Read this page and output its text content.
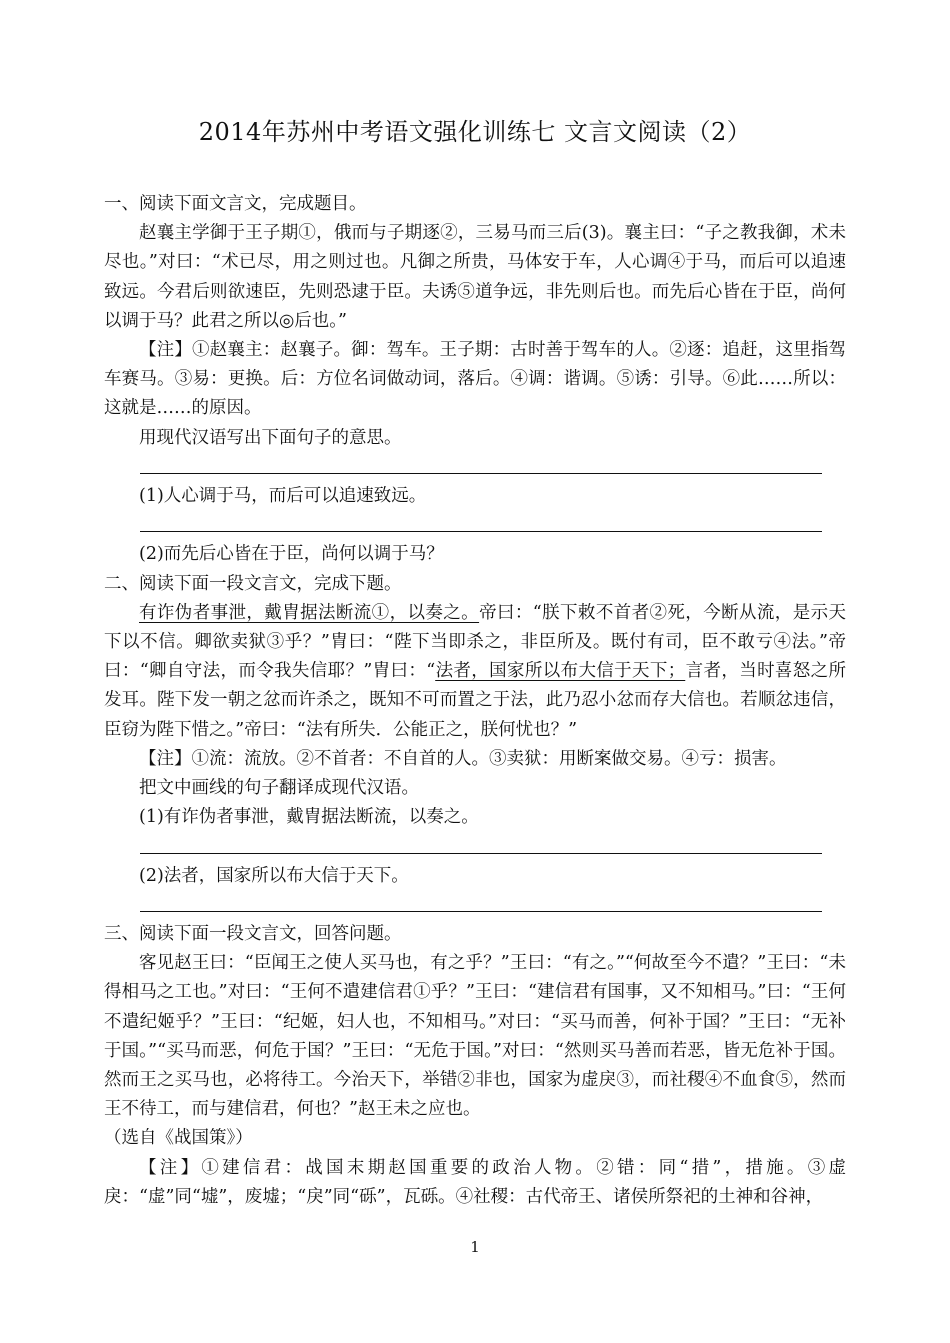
2014年苏州中考语文强化训练七 文言文阅读（2）

一、阅读下面文言文，完成题目。

赵襄主学御于王子期①，俄而与子期逐②，三易马而三后(3)。襄主曰：“子之教我御，术未尽也。”对曰：“术已尽，用之则过也。凡御之所贵，马体安于车，人心调④于马，而后可以追速致远。今君后则欲速臣，先则恐逮于臣。夫诱⑤道争远，非先则后也。而先后心皆在于臣，尚何以调于马？此君之所以◎后也。”

【注】①赵襄主：赵襄子。御：驾车。王子期：古时善于驾车的人。②逐：追赶，这里指驾车赛马。③易：更换。后：方位名词做动词，落后。④调：谐调。⑤诱：引导。⑥此……所以：这就是……的原因。

用现代汉语写出下面句子的意思。

(1)人心调于马，而后可以追速致远。

(2)而先后心皆在于臣，尚何以调于马？

二、阅读下面一段文言文，完成下题。

有诈伪者事泄，戴胄据法断流①，以奏之。帝曰：“朕下敕不首者②死，今断从流，是示天下以不信。卿欲卖狱③乎？”胄曰：“陛下当即杀之，非臣所及。既付有司，臣不敢亏④法。”帝曰：“卿自守法，而令我失信耶？”胄曰：“法者，国家所以布大信于天下；言者，当时喜怒之所发耳。陛下发一朝之忿而许杀之，既知不可而置之于法，此乃忍小忿而存大信也。若顺忿违信，臣窃为陛下惜之。”帝曰：“法有所失．公能正之，朕何忧也？”

【注】①流：流放。②不首者：不自首的人。③卖狱：用断案做交易。④亏：损害。

把文中画线的句子翻译成现代汉语。

(1)有诈伪者事泄，戴胄据法断流，以奏之。

(2)法者，国家所以布大信于天下。

三、阅读下面一段文言文，回答问题。

客见赵王曰：“臣闻王之使人买马也，有之乎？”王曰：“有之。”“何故至今不遣？”王曰：“未得相马之工也。”对曰：“王何不遣建信君①乎？”王曰：“建信君有国事，又不知相马。”曰：“王何不遣纪姬乎？”王曰：“纪姬，妇人也，不知相马。”对曰：“买马而善，何补于国？”王曰：“无补于国。”“买马而恶，何危于国？”王曰：“无危于国。”对曰：“然则买马善而若恶，皆无危补于国。然而王之买马也，必将待工。今治天下，举错②非也，国家为虚戾③，而社稷④不血食⑤，然而王不待工，而与建信君，何也？”赵王未之应也。

（选自《战国策》）

【注】①建信君：战国末期赵国重要的政治人物。②错：同“措”，措施。③虚戾：“虚”同“墟”，废墟；“戾”同“砾”，瓦砾。④社稷：古代帝王、诸侯所祭祀的土神和谷神，

1
